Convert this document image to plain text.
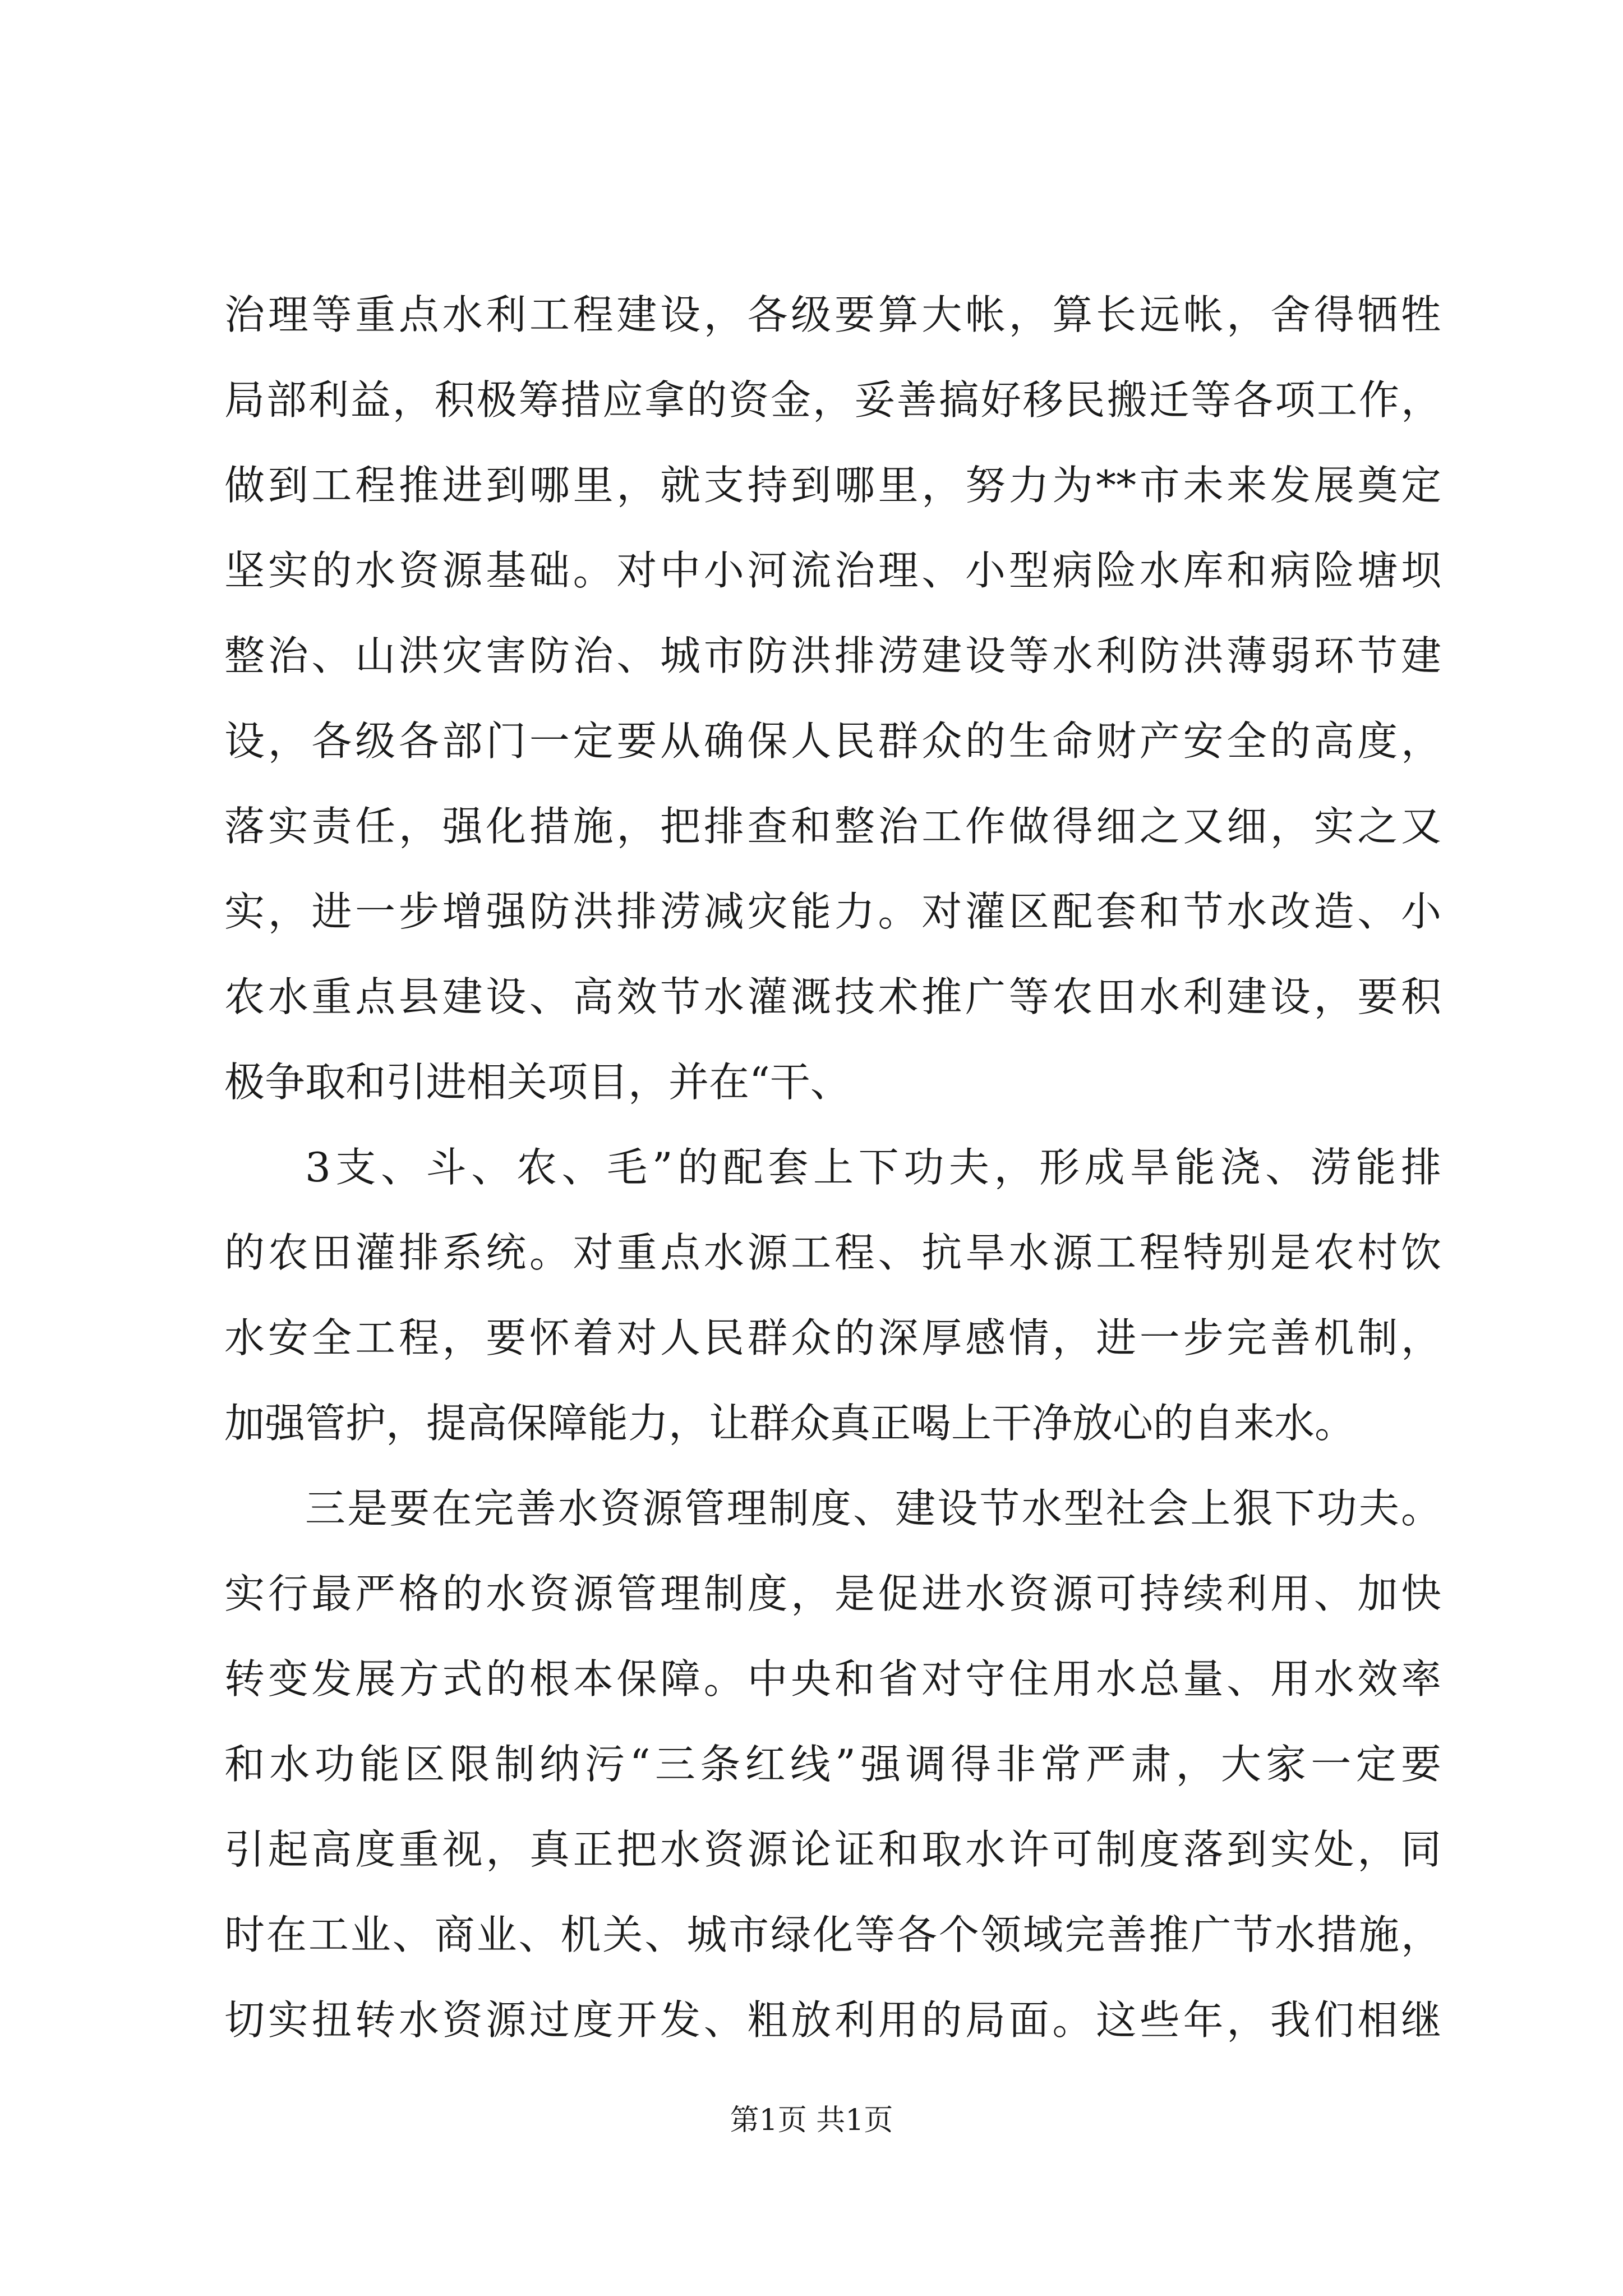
治理等重点水利工程建设，各级要算大帐，算长远帐，舍得牺牲
局部利益，积极筹措应拿的资金，妥善搞好移民搬迁等各项工作，
做到工程推进到哪里，就支持到哪里，努力为**市未来发展奠定
坚实的水资源基础。对中小河流治理、小型病险水库和病险塘坝
整治、山洪灾害防治、城市防洪排涝建设等水利防洪薄弱环节建
设，各级各部门一定要从确保人民群众的生命财产安全的高度，
落实责任，强化措施，把排查和整治工作做得细之又细，实之又
实，进一步增强防洪排涝减灾能力。对灌区配套和节水改造、小
农水重点县建设、高效节水灌溉技术推广等农田水利建设，要积
极争取和引进相关项目，并在“干、
3支、斗、农、毛”的配套上下功夫，形成旱能浇、涝能排
的农田灌排系统。对重点水源工程、抗旱水源工程特别是农村饮
水安全工程，要怀着对人民群众的深厚感情，进一步完善机制，
加强管护，提高保障能力，让群众真正喝上干净放心的自来水。
三是要在完善水资源管理制度、建设节水型社会上狠下功夫。
实行最严格的水资源管理制度，是促进水资源可持续利用、加快
转变发展方式的根本保障。中央和省对守住用水总量、用水效率
和水功能区限制纳污“三条红线”强调得非常严肃，大家一定要
引起高度重视，真正把水资源论证和取水许可制度落到实处，同
时在工业、商业、机关、城市绿化等各个领域完善推广节水措施，
切实扭转水资源过度开发、粗放利用的局面。这些年，我们相继
第1页 共1页
